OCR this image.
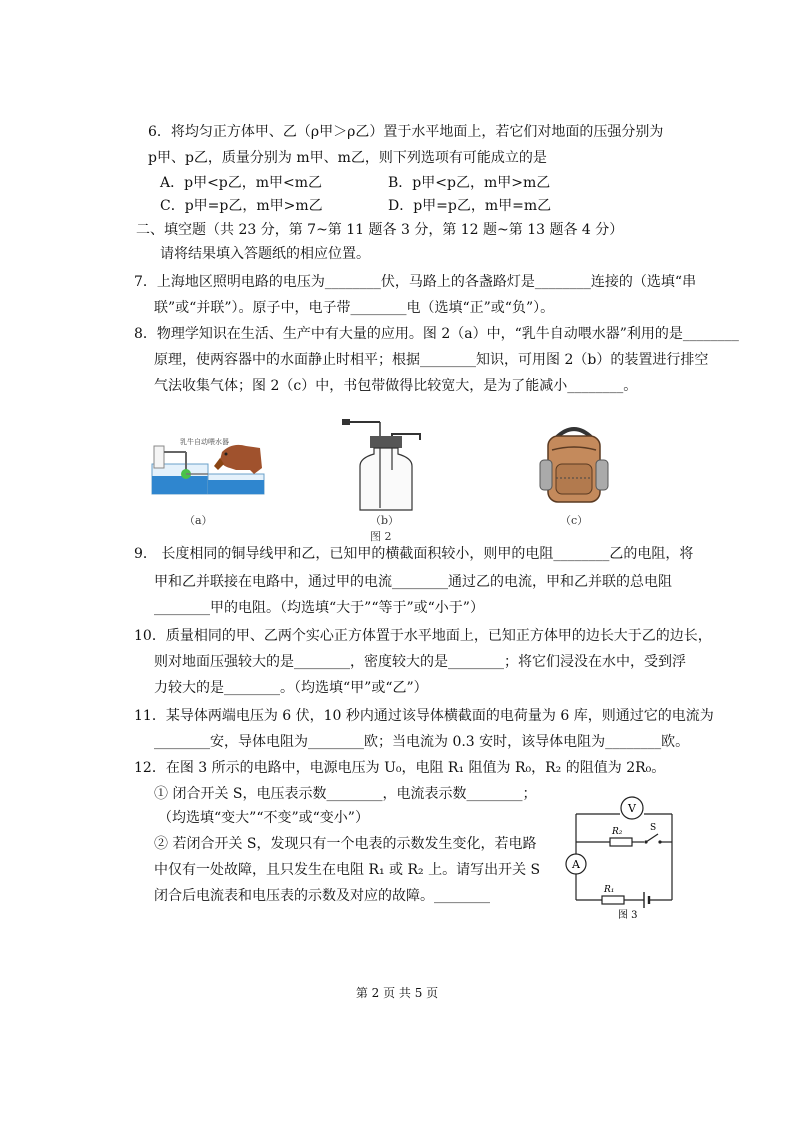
6．将均匀正方体甲、乙（ρ甲＞ρ乙）置于水平地面上，若它们对地面的压强分别为
p甲、p乙，质量分别为 m甲、m乙，则下列选项有可能成立的是
A．p甲<p乙，m甲<m乙	B．p甲<p乙，m甲>m乙
C．p甲=p乙，m甲>m乙	D．p甲=p乙，m甲=m乙
二、填空题（共 23 分，第 7~第 11 题各 3 分，第 12 题~第 13 题各 4 分）
请将结果填入答题纸的相应位置。
7．上海地区照明电路的电压为________伏，马路上的各盏路灯是________连接的（选填“串
联”或“并联”）。原子中，电子带________电（选填“正”或“负”）。
8．物理学知识在生活、生产中有大量的应用。图 2（a）中，“乳牛自动喂水器”利用的是________
原理，使两容器中的水面静止时相平；根据________知识，可用图 2（b）的装置进行排空
气法收集气体；图 2（c）中，书包带做得比较宽大，是为了能减小________。
乳牛自动喂水器
（a）	（b）	（c）
图 2
9． 长度相同的铜导线甲和乙，已知甲的横截面积较小，则甲的电阻________乙的电阻，将
甲和乙并联接在电路中，通过甲的电流________通过乙的电流，甲和乙并联的总电阻
________甲的电阻。（均选填“大于”“等于”或“小于”）
10．质量相同的甲、乙两个实心正方体置于水平地面上，已知正方体甲的边长大于乙的边长，
则对地面压强较大的是________，密度较大的是________；将它们浸没在水中，受到浮
力较大的是________。（均选填“甲”或“乙”）
11．某导体两端电压为 6 伏，10 秒内通过该导体横截面的电荷量为 6 库，则通过它的电流为
________安，导体电阻为________欧；当电流为 0.3 安时，该导体电阻为________欧。
12．在图 3 所示的电路中，电源电压为 U₀，电阻 R₁ 阻值为 R₀，R₂ 的阻值为 2R₀。
① 闭合开关 S，电压表示数________，电流表示数________；
（均选填“变大”“不变”或“变小”）
② 若闭合开关 S，发现只有一个电表的示数发生变化，若电路
中仅有一处故障，且只发生在电阻 R₁ 或 R₂ 上。请写出开关 S
闭合后电流表和电压表的示数及对应的故障。________
V
R₂	S
A
R₁
图 3
第 2 页 共 5 页
